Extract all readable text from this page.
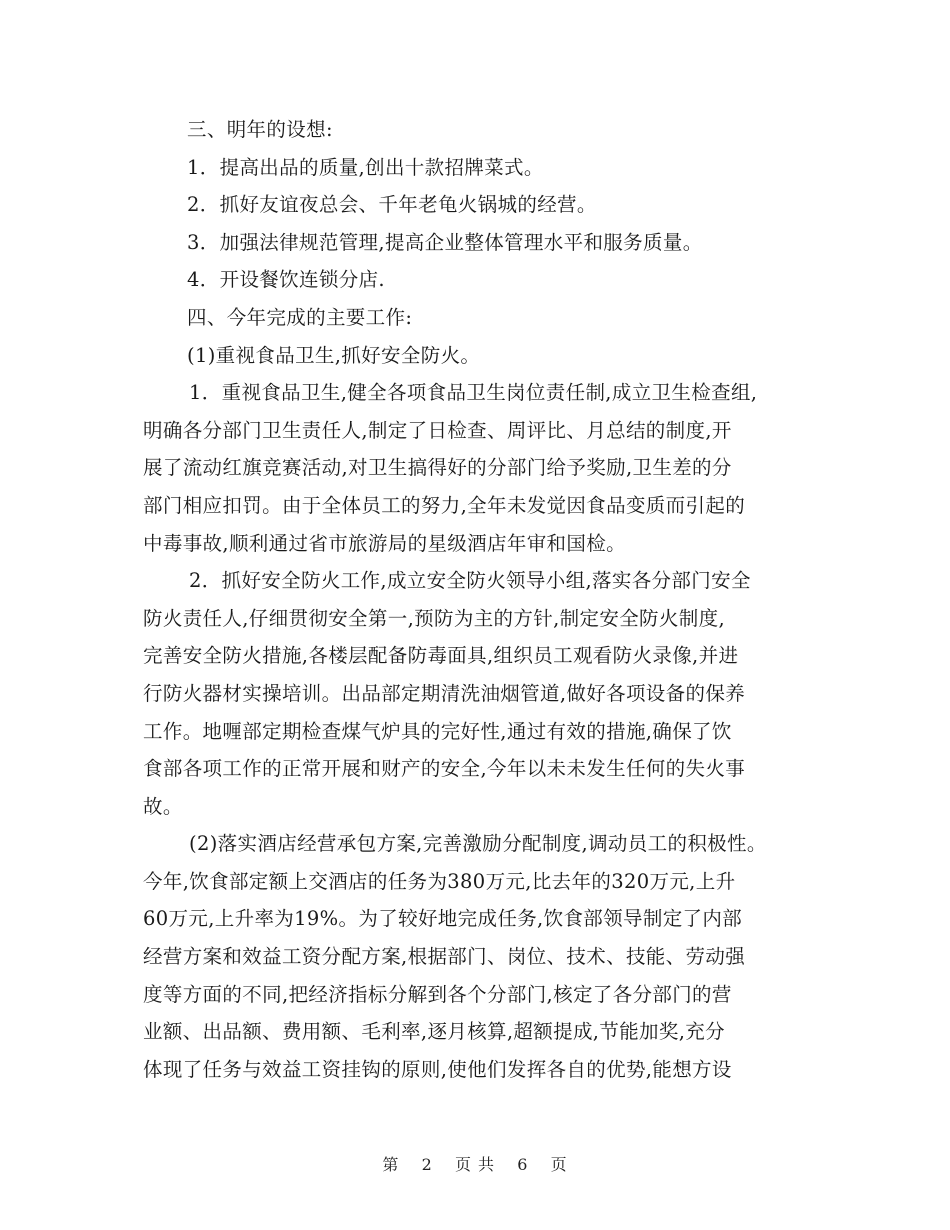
三、明年的设想:
1．提高出品的质量,创出十款招牌菜式。
2．抓好友谊夜总会、千年老龟火锅城的经营。
3．加强法律规范管理,提高企业整体管理水平和服务质量。
4．开设餐饮连锁分店.
四、今年完成的主要工作:
(1)重视食品卫生,抓好安全防火。
1．重视食品卫生,健全各项食品卫生岗位责任制,成立卫生检查组,
明确各分部门卫生责任人,制定了日检查、周评比、月总结的制度,开
展了流动红旗竞赛活动,对卫生搞得好的分部门给予奖励,卫生差的分
部门相应扣罚。由于全体员工的努力,全年未发觉因食品变质而引起的
中毒事故,顺利通过省市旅游局的星级酒店年审和国检。
2．抓好安全防火工作,成立安全防火领导小组,落实各分部门安全
防火责任人,仔细贯彻安全第一,预防为主的方针,制定安全防火制度,
完善安全防火措施,各楼层配备防毒面具,组织员工观看防火录像,并进
行防火器材实操培训。出品部定期清洗油烟管道,做好各项设备的保养
工作。地喱部定期检查煤气炉具的完好性,通过有效的措施,确保了饮
食部各项工作的正常开展和财产的安全,今年以未未发生任何的失火事
故。
(2)落实酒店经营承包方案,完善激励分配制度,调动员工的积极性。
今年,饮食部定额上交酒店的任务为380万元,比去年的320万元,上升
60万元,上升率为19%。为了较好地完成任务,饮食部领导制定了内部
经营方案和效益工资分配方案,根据部门、岗位、技术、技能、劳动强
度等方面的不同,把经济指标分解到各个分部门,核定了各分部门的营
业额、出品额、费用额、毛利率,逐月核算,超额提成,节能加奖,充分
体现了任务与效益工资挂钩的原则,使他们发挥各自的优势,能想方设
第 2 页 共 6 页
